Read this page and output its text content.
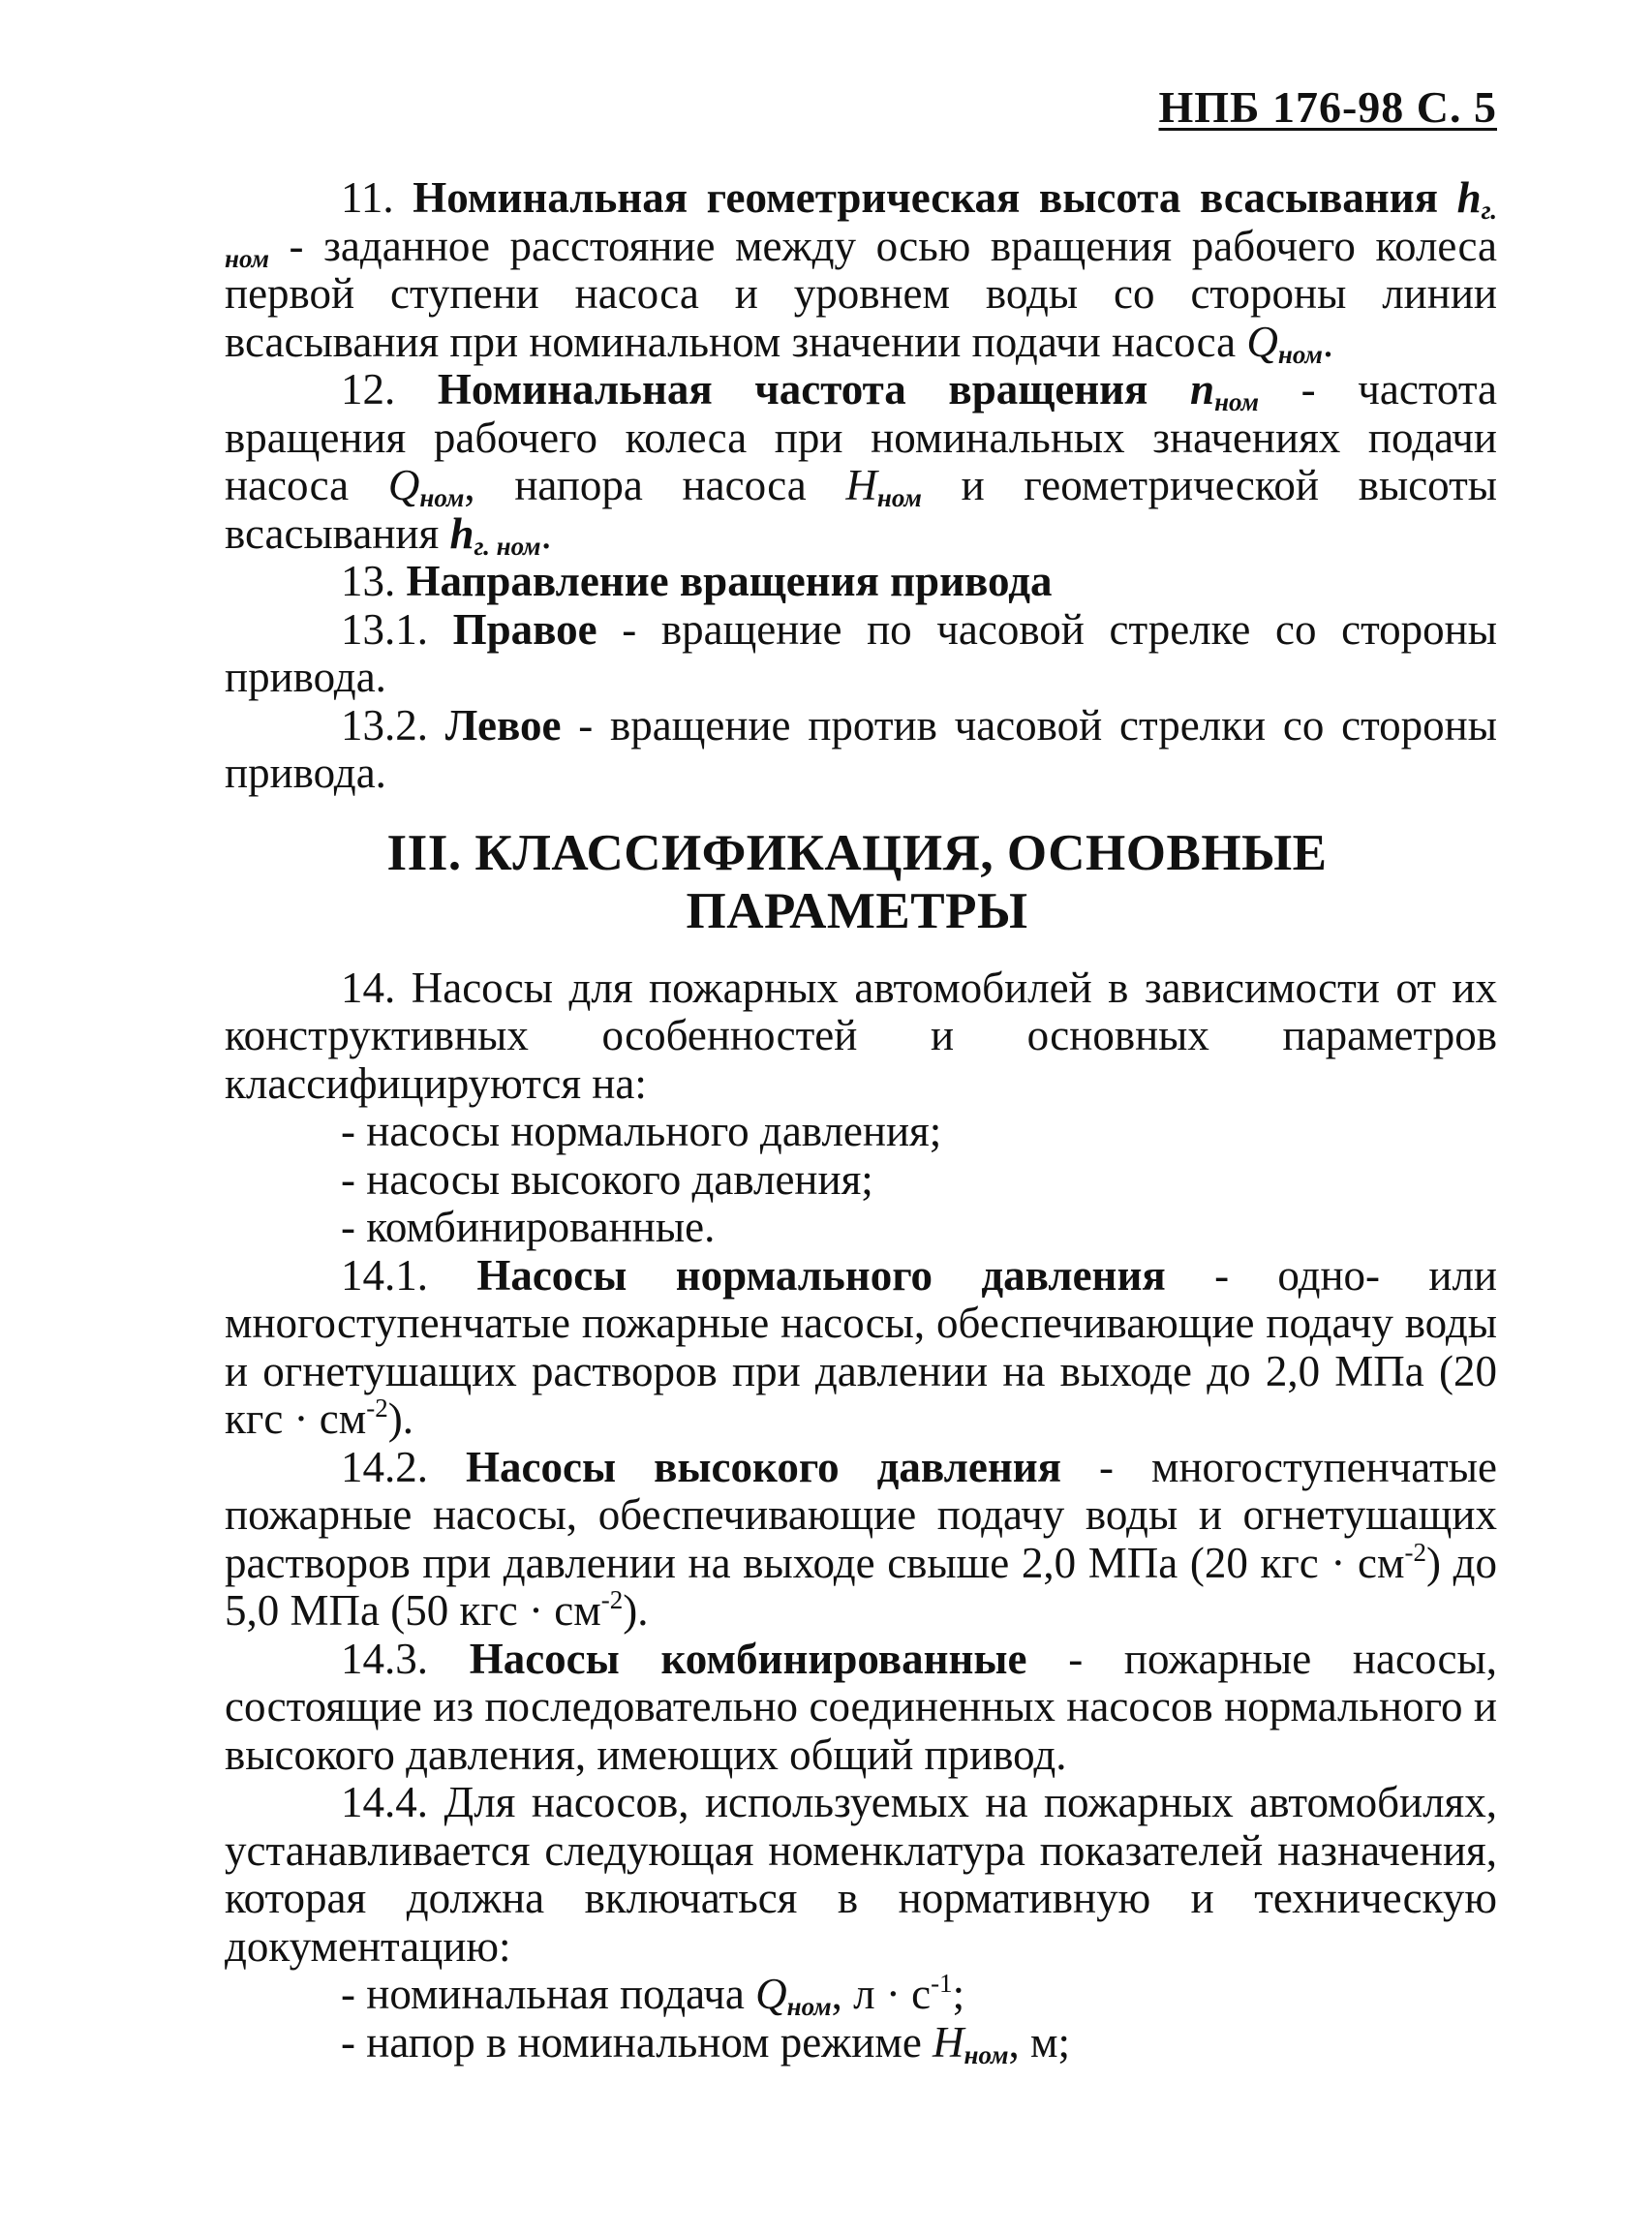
НПБ 176-98 С. 5

11. Номинальная геометрическая высота всасывания $h_{г. ном}$ - заданное расстояние между осью вращения рабочего колеса первой ступени насоса и уровнем воды со стороны линии всасывания при номинальном значении подачи насоса $Q_{ном}$.

12. Номинальная частота вращения $n_{ном}$ - частота вращения рабочего колеса при номинальных значениях подачи насоса $Q_{ном}$, напора насоса $H_{ном}$ и геометрической высоты всасывания $h_{г. ном}$.

13. Направление вращения привода

13.1. Правое - вращение по часовой стрелке со стороны привода.

13.2. Левое - вращение против часовой стрелки со стороны привода.

III. КЛАССИФИКАЦИЯ, ОСНОВНЫЕ ПАРАМЕТРЫ

14. Насосы для пожарных автомобилей в зависимости от их конструктивных особенностей и основных параметров классифицируются на:

- насосы нормального давления;

- насосы высокого давления;

- комбинированные.

14.1. Насосы нормального давления - одно- или многоступенчатые пожарные насосы, обеспечивающие подачу воды и огнетушащих растворов при давлении на выходе до 2,0 МПа (20 кгс · $см^{-2}$).

14.2. Насосы высокого давления - многоступенчатые пожарные насосы, обеспечивающие подачу воды и огнетушащих растворов при давлении на выходе свыше 2,0 МПа (20 кгс · $см^{-2}$) до 5,0 МПа (50 кгс · $см^{-2}$).

14.3. Насосы комбинированные - пожарные насосы, состоящие из последовательно соединенных насосов нормального и высокого давления, имеющих общий привод.

14.4. Для насосов, используемых на пожарных автомобилях, устанавливается следующая номенклатура показателей назначения, которая должна включаться в нормативную и техническую документацию:

- номинальная подача $Q_{ном}$, $л \cdot с^{-1}$;

- напор в номинальном режиме $H_{ном}$, м;
